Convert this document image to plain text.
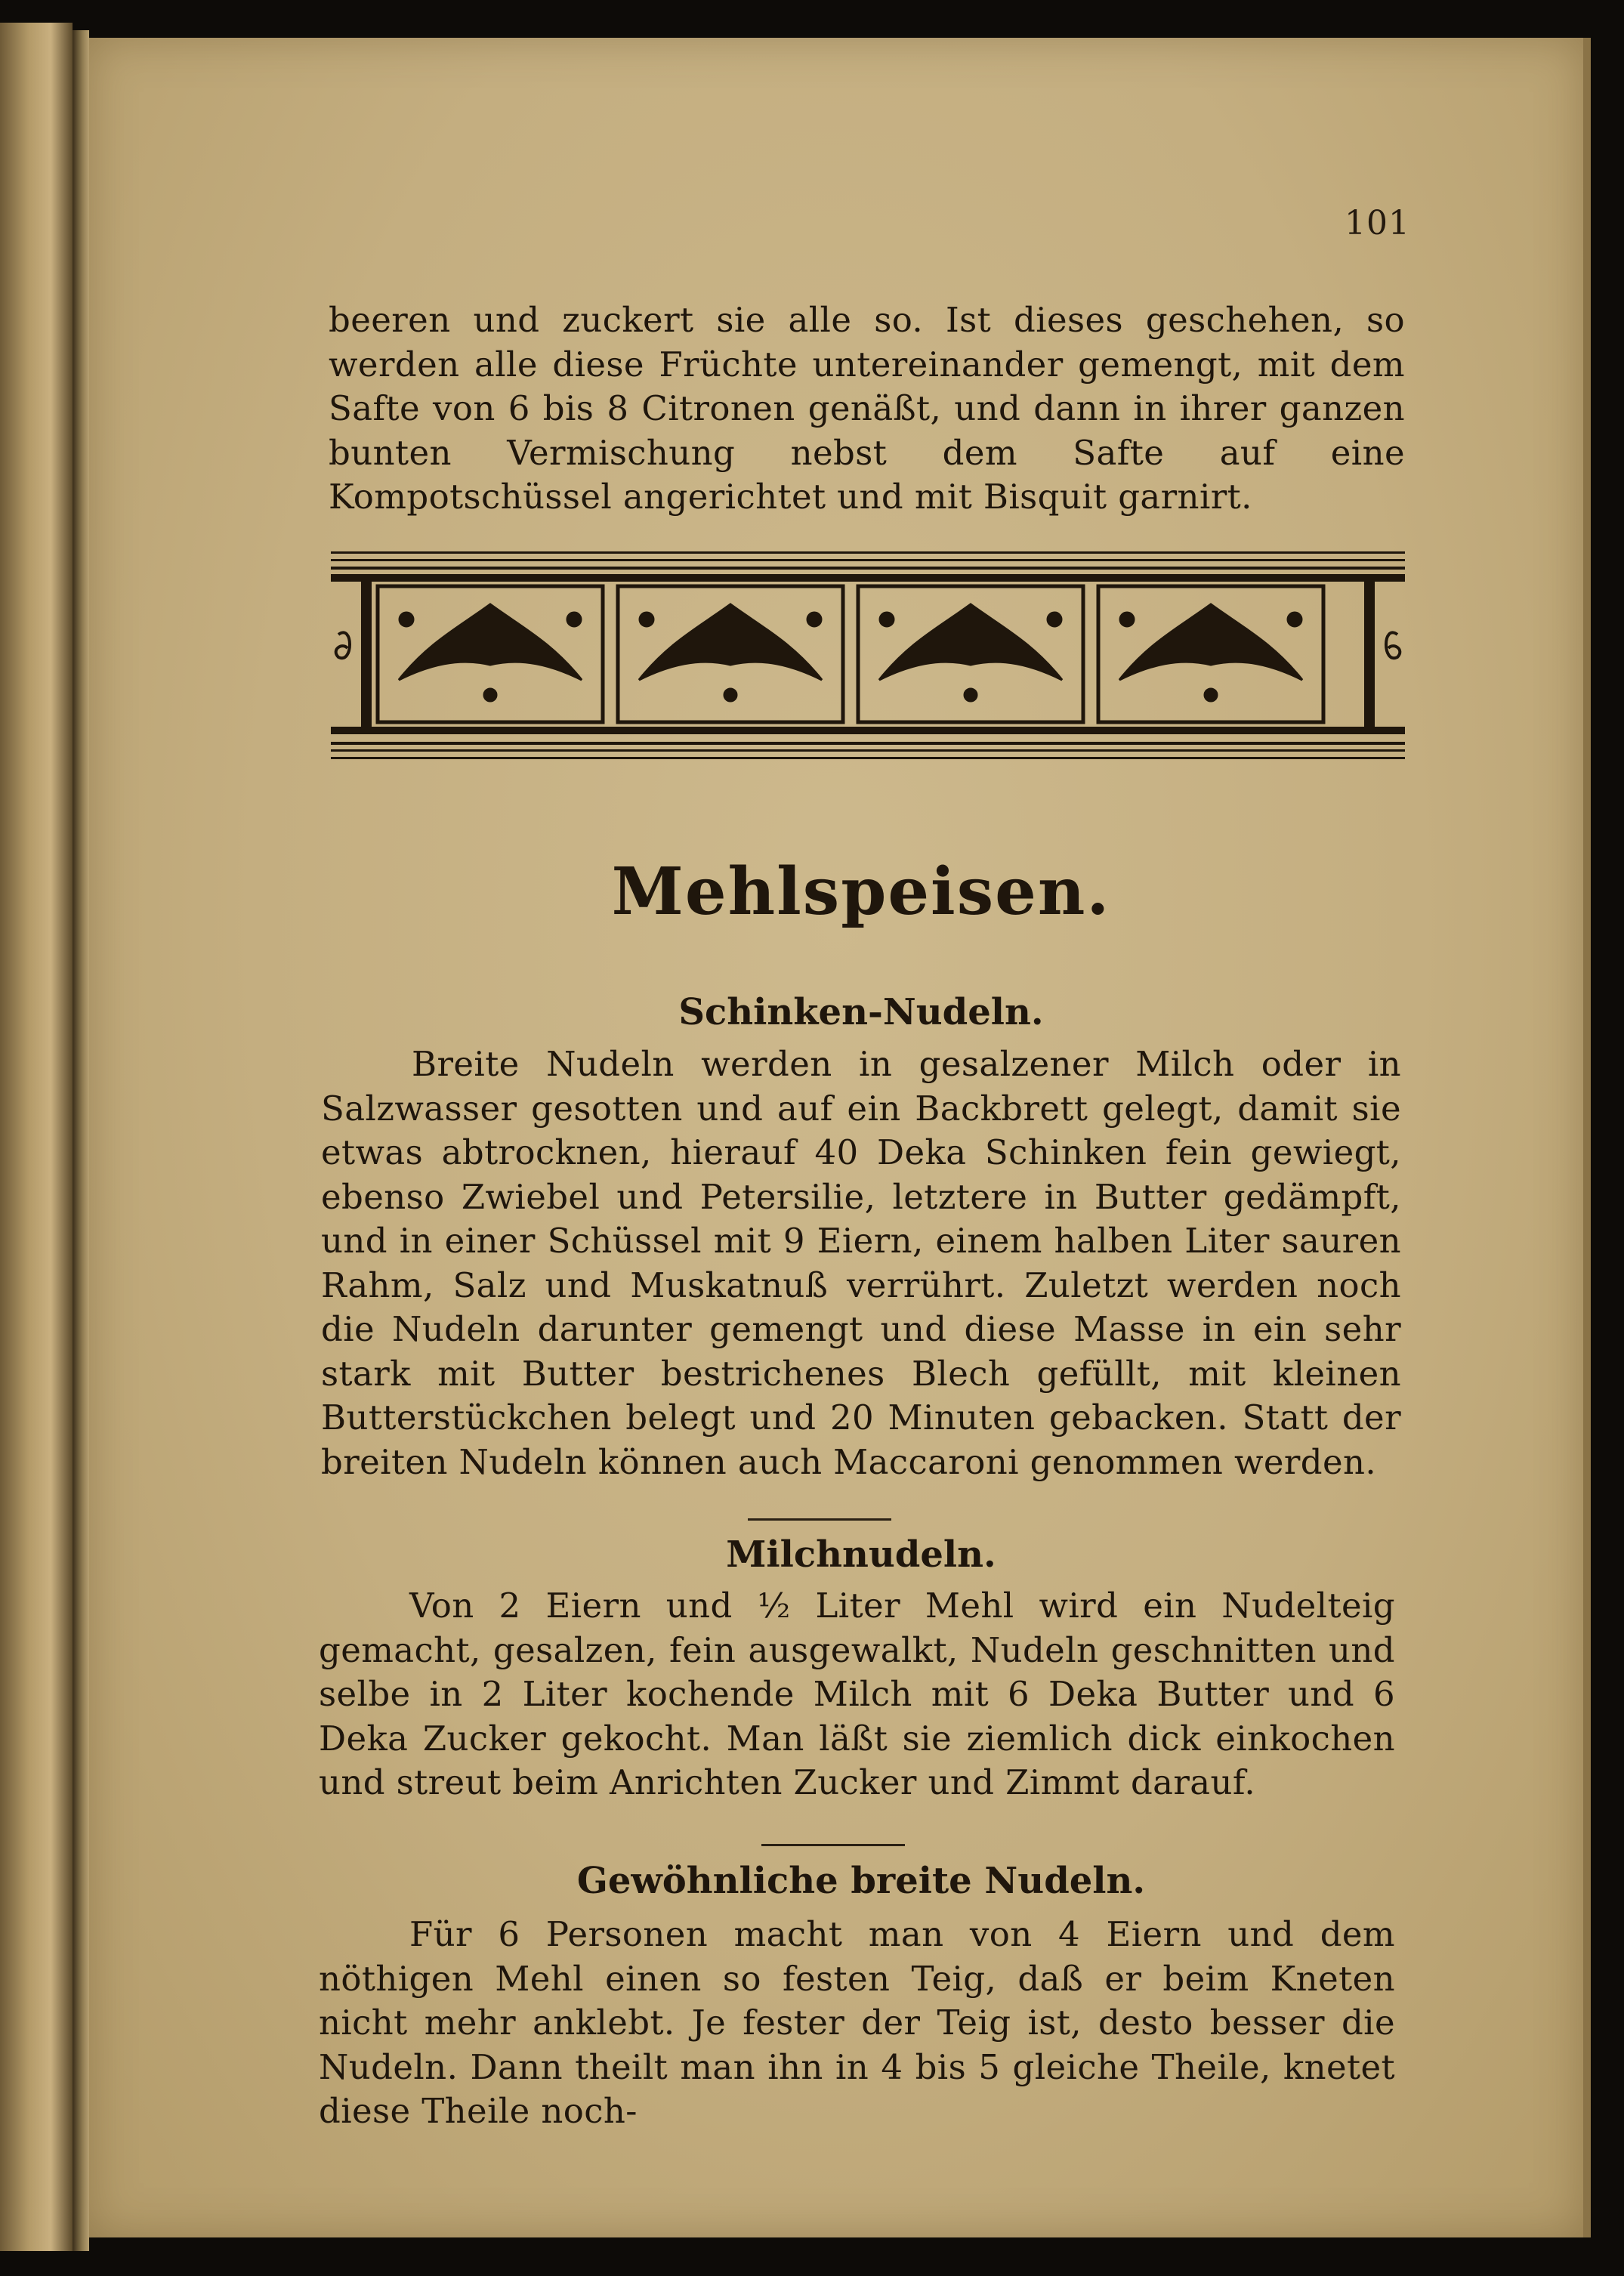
101

beeren und zuckert sie alle so. Ist dieses geschehen, so werden alle diese Früchte untereinander gemengt, mit dem Safte von 6 bis 8 Citronen genäßt, und dann in ihrer ganzen bunten Vermischung nebst dem Safte auf eine Kompotschüssel angerichtet und mit Bisquit garnirt.

Mehlspeisen.
Schinken-Nudeln.

Breite Nudeln werden in gesalzener Milch oder in Salzwasser gesotten und auf ein Backbrett gelegt, damit sie etwas abtrocknen, hierauf 40 Deka Schinken fein gewiegt, ebenso Zwiebel und Petersilie, letztere in Butter gedämpft, und in einer Schüssel mit 9 Eiern, einem halben Liter sauren Rahm, Salz und Muskatnuß verrührt. Zuletzt werden noch die Nudeln darunter gemengt und diese Masse in ein sehr stark mit Butter bestrichenes Blech gefüllt, mit kleinen Butterstückchen belegt und 20 Minuten gebacken. Statt der breiten Nudeln können auch Maccaroni genommen werden.

Milchnudeln.

Von 2 Eiern und ½ Liter Mehl wird ein Nudelteig gemacht, gesalzen, fein ausgewalkt, Nudeln geschnitten und selbe in 2 Liter kochende Milch mit 6 Deka Butter und 6 Deka Zucker gekocht. Man läßt sie ziemlich dick einkochen und streut beim Anrichten Zucker und Zimmt darauf.

Gewöhnliche breite Nudeln.

Für 6 Personen macht man von 4 Eiern und dem nöthigen Mehl einen so festen Teig, daß er beim Kneten nicht mehr anklebt. Je fester der Teig ist, desto besser die Nudeln. Dann theilt man ihn in 4 bis 5 gleiche Theile, knetet diese Theile noch-
